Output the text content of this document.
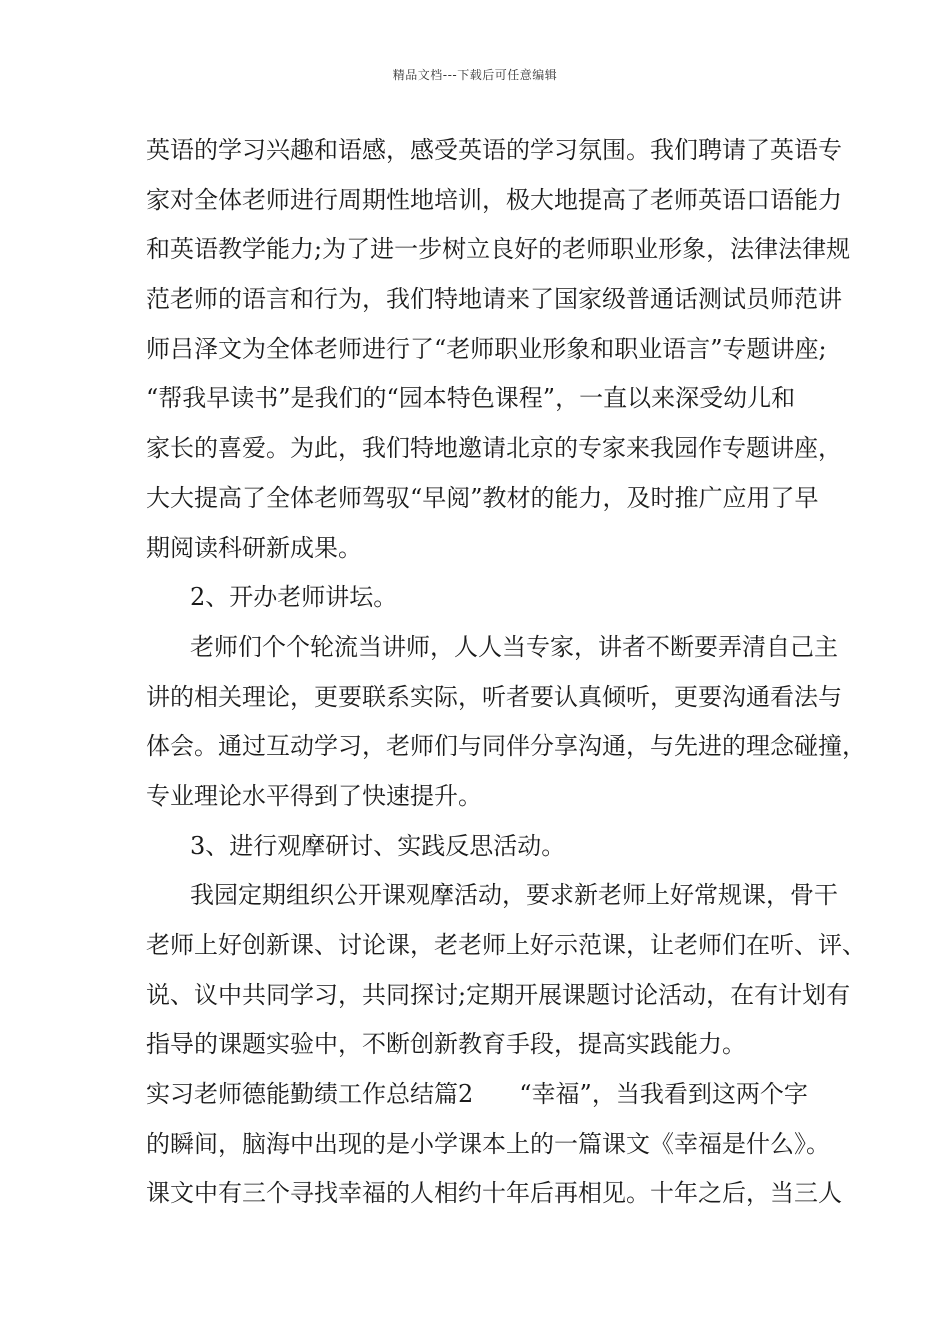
精品文档---下载后可任意编辑
英语的学习兴趣和语感，感受英语的学习氛围。我们聘请了英语专
家对全体老师进行周期性地培训，极大地提高了老师英语口语能力
和英语教学能力;为了进一步树立良好的老师职业形象，法律法律规
范老师的语言和行为，我们特地请来了国家级普通话测试员师范讲
师吕泽文为全体老师进行了“老师职业形象和职业语言”专题讲座;
“帮我早读书”是我们的“园本特色课程”，一直以来深受幼儿和
家长的喜爱。为此，我们特地邀请北京的专家来我园作专题讲座，
大大提高了全体老师驾驭“早阅”教材的能力，及时推广应用了早
期阅读科研新成果。
2、开办老师讲坛。
老师们个个轮流当讲师，人人当专家，讲者不断要弄清自己主
讲的相关理论，更要联系实际，听者要认真倾听，更要沟通看法与
体会。通过互动学习，老师们与同伴分享沟通，与先进的理念碰撞，
专业理论水平得到了快速提升。
3、进行观摩研讨、实践反思活动。
我园定期组织公开课观摩活动，要求新老师上好常规课，骨干
老师上好创新课、讨论课，老老师上好示范课，让老师们在听、评、
说、议中共同学习，共同探讨;定期开展课题讨论活动，在有计划有
指导的课题实验中，不断创新教育手段，提高实践能力。
实习老师德能勤绩工作总结篇2 “幸福”，当我看到这两个字
的瞬间，脑海中出现的是小学课本上的一篇课文《幸福是什么》。
课文中有三个寻找幸福的人相约十年后再相见。十年之后，当三人
